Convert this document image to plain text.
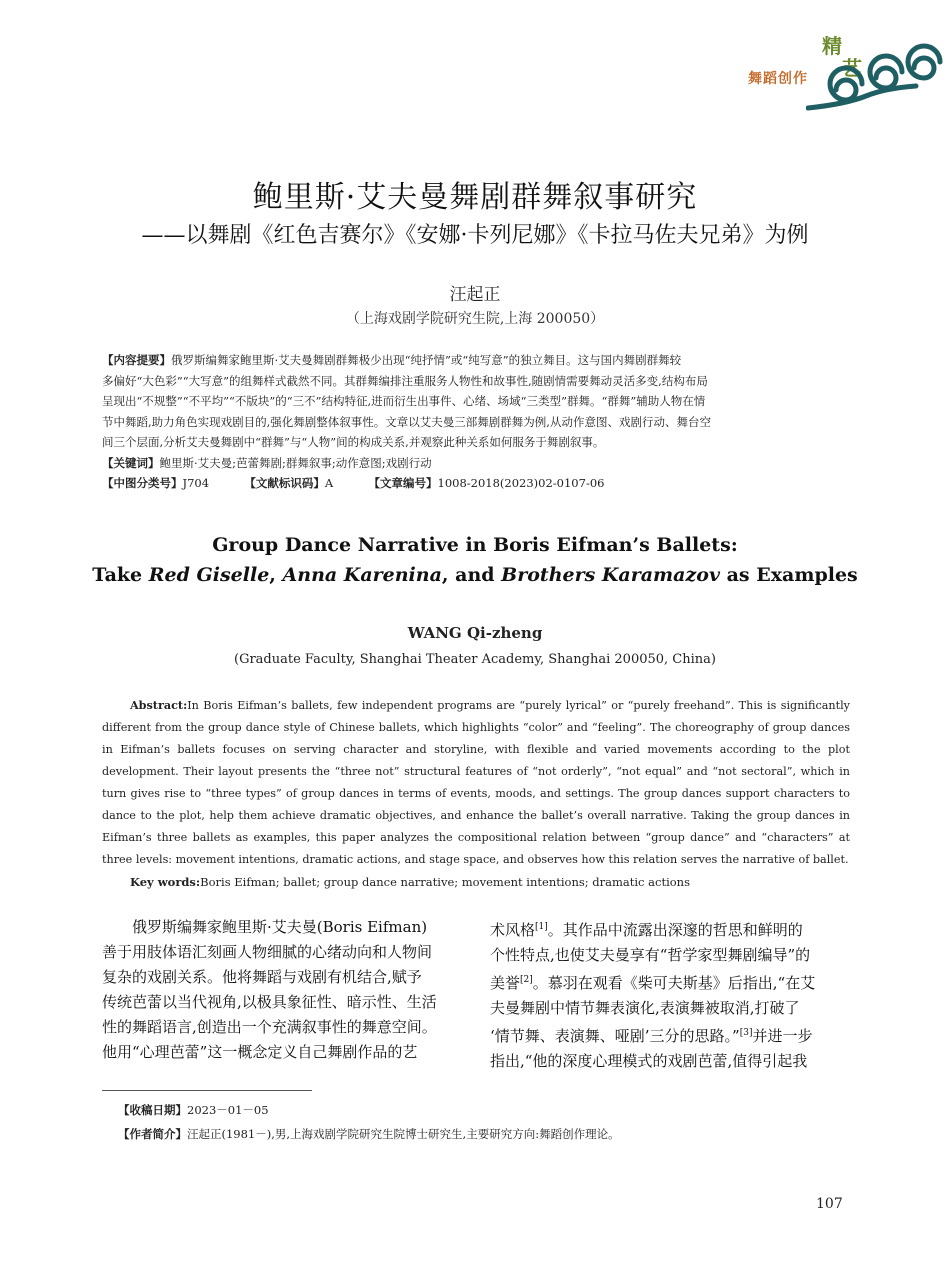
舞蹈创作
精
艺
鲍里斯·艾夫曼舞剧群舞叙事研究
——以舞剧《红色吉赛尔》《安娜·卡列尼娜》《卡拉马佐夫兄弟》为例
汪起正
（上海戏剧学院研究生院,上海 200050）
【内容提要】俄罗斯编舞家鲍里斯·艾夫曼舞剧群舞极少出现“纯抒情”或“纯写意”的独立舞目。这与国内舞剧群舞较
多偏好“大色彩”“大写意”的组舞样式截然不同。其群舞编排注重服务人物性和故事性,随剧情需要舞动灵活多变,结构布局
呈现出“不规整”“不平均”“不版块”的“三不”结构特征,进而衍生出事件、心绪、场域“三类型”群舞。“群舞”辅助人物在情
节中舞蹈,助力角色实现戏剧目的,强化舞剧整体叙事性。文章以艾夫曼三部舞剧群舞为例,从动作意图、戏剧行动、舞台空
间三个层面,分析艾夫曼舞剧中“群舞”与“人物”间的构成关系,并观察此种关系如何服务于舞剧叙事。
【关键词】鲍里斯·艾夫曼;芭蕾舞剧;群舞叙事;动作意图;戏剧行动
【中图分类号】J704	【文献标识码】A	【文章编号】1008-2018(2023)02-0107-06
Group Dance Narrative in Boris Eifman’s Ballets:
Take Red Giselle, Anna Karenina, and Brothers Karamazov as Examples
WANG Qi-zheng
(Graduate Faculty, Shanghai Theater Academy, Shanghai 200050, China)
Abstract:In Boris Eifman’s ballets, few independent programs are “purely lyrical” or “purely freehand”. This is significantly different from the group dance style of Chinese ballets, which highlights “color” and “feeling”. The choreography of group dances in Eifman’s ballets focuses on serving character and storyline, with flexible and varied movements according to the plot development. Their layout presents the “three not” structural features of “not orderly”, “not equal” and “not sectoral”, which in turn gives rise to “three types” of group dances in terms of events, moods, and settings. The group dances support characters to dance to the plot, help them achieve dramatic objectives, and enhance the ballet’s overall narrative. Taking the group dances in Eifman’s three ballets as examples, this paper analyzes the compositional relation between “group dance” and “characters” at three levels: movement intentions, dramatic actions, and stage space, and observes how this relation serves the narrative of ballet.
Key words:Boris Eifman; ballet; group dance narrative; movement intentions; dramatic actions
俄罗斯编舞家鲍里斯·艾夫曼(Boris Eifman)
善于用肢体语汇刻画人物细腻的心绪动向和人物间
复杂的戏剧关系。他将舞蹈与戏剧有机结合,赋予
传统芭蕾以当代视角,以极具象征性、暗示性、生活
性的舞蹈语言,创造出一个充满叙事性的舞意空间。
他用“心理芭蕾”这一概念定义自己舞剧作品的艺
术风格[1]。其作品中流露出深邃的哲思和鲜明的
个性特点,也使艾夫曼享有“哲学家型舞剧编导”的
美誉[2]。慕羽在观看《柴可夫斯基》后指出,“在艾
夫曼舞剧中情节舞表演化,表演舞被取消,打破了
‘情节舞、表演舞、哑剧’三分的思路。”[3]并进一步
指出,“他的深度心理模式的戏剧芭蕾,值得引起我
【收稿日期】2023－01－05
【作者简介】汪起正(1981－),男,上海戏剧学院研究生院博士研究生,主要研究方向:舞蹈创作理论。
107
